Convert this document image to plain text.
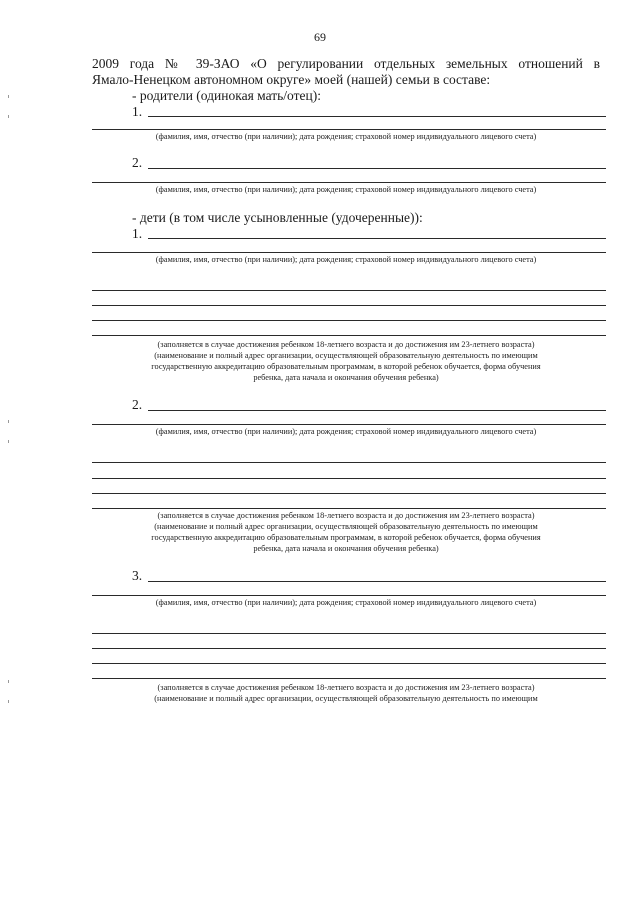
69
2009 года № 39-ЗАО «О регулировании отдельных земельных отношений в
Ямало-Ненецком автономном округе» моей (нашей) семьи в составе:
- родители (одинокая мать/отец):
1.
(фамилия, имя, отчество (при наличии); дата рождения; страховой номер индивидуального лицевого счета)
2.
(фамилия, имя, отчество (при наличии); дата рождения; страховой номер индивидуального лицевого счета)
- дети (в том числе усыновленные (удочеренные)):
1.
(фамилия, имя, отчество (при наличии); дата рождения; страховой номер индивидуального лицевого счета)
(заполняется в случае достижения ребенком 18-летнего возраста и до достижения им 23-летнего возраста)
(наименование и полный адрес организации, осуществляющей образовательную деятельность по имеющим
государственную аккредитацию образовательным программам, в которой ребенок обучается, форма обучения
ребенка, дата начала и окончания обучения ребенка)
2.
(фамилия, имя, отчество (при наличии); дата рождения; страховой номер индивидуального лицевого счета)
(заполняется в случае достижения ребенком 18-летнего возраста и до достижения им 23-летнего возраста)
(наименование и полный адрес организации, осуществляющей образовательную деятельность по имеющим
государственную аккредитацию образовательным программам, в которой ребенок обучается, форма обучения
ребенка, дата начала и окончания обучения ребенка)
3.
(фамилия, имя, отчество (при наличии); дата рождения; страховой номер индивидуального лицевого счета)
(заполняется в случае достижения ребенком 18-летнего возраста и до достижения им 23-летнего возраста)
(наименование и полный адрес организации, осуществляющей образовательную деятельность по имеющим
